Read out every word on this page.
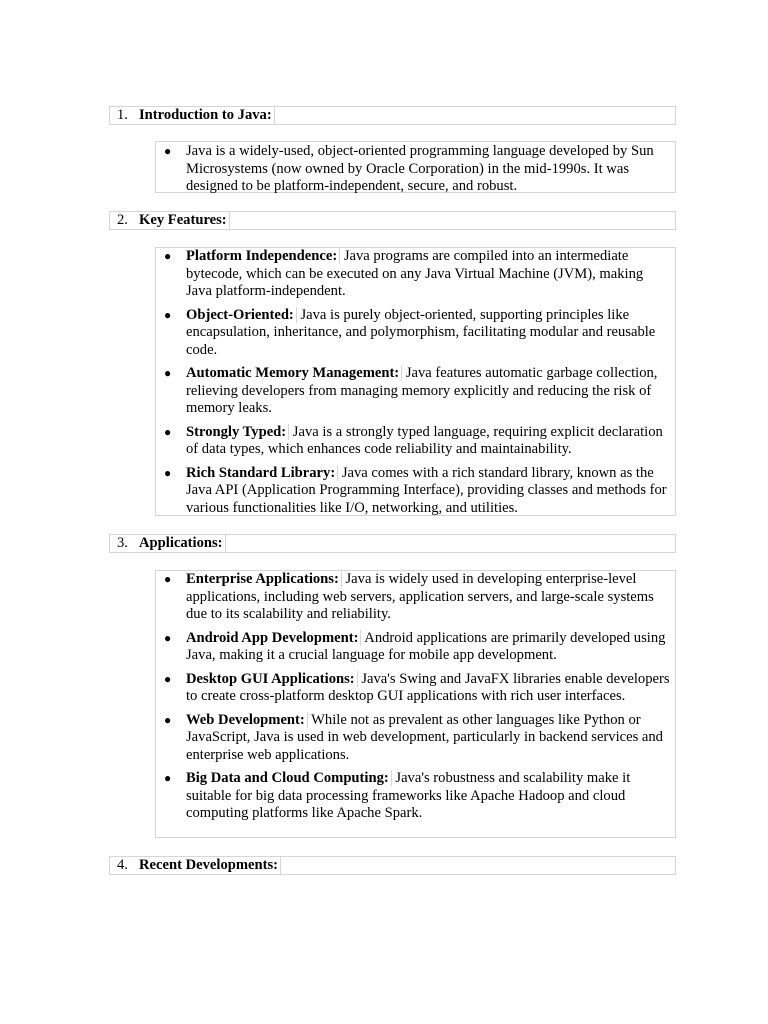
1. Introduction to Java:
● Java is a widely-used, object-oriented programming language developed by Sun Microsystems (now owned by Oracle Corporation) in the mid-1990s. It was designed to be platform-independent, secure, and robust.
2. Key Features:
● Platform Independence: Java programs are compiled into an intermediate bytecode, which can be executed on any Java Virtual Machine (JVM), making Java platform-independent.
● Object-Oriented: Java is purely object-oriented, supporting principles like encapsulation, inheritance, and polymorphism, facilitating modular and reusable code.
● Automatic Memory Management: Java features automatic garbage collection, relieving developers from managing memory explicitly and reducing the risk of memory leaks.
● Strongly Typed: Java is a strongly typed language, requiring explicit declaration of data types, which enhances code reliability and maintainability.
● Rich Standard Library: Java comes with a rich standard library, known as the Java API (Application Programming Interface), providing classes and methods for various functionalities like I/O, networking, and utilities.
3. Applications:
● Enterprise Applications: Java is widely used in developing enterprise-level applications, including web servers, application servers, and large-scale systems due to its scalability and reliability.
● Android App Development: Android applications are primarily developed using Java, making it a crucial language for mobile app development.
● Desktop GUI Applications: Java's Swing and JavaFX libraries enable developers to create cross-platform desktop GUI applications with rich user interfaces.
● Web Development: While not as prevalent as other languages like Python or JavaScript, Java is used in web development, particularly in backend services and enterprise web applications.
● Big Data and Cloud Computing: Java's robustness and scalability make it suitable for big data processing frameworks like Apache Hadoop and cloud computing platforms like Apache Spark.
4. Recent Developments:
